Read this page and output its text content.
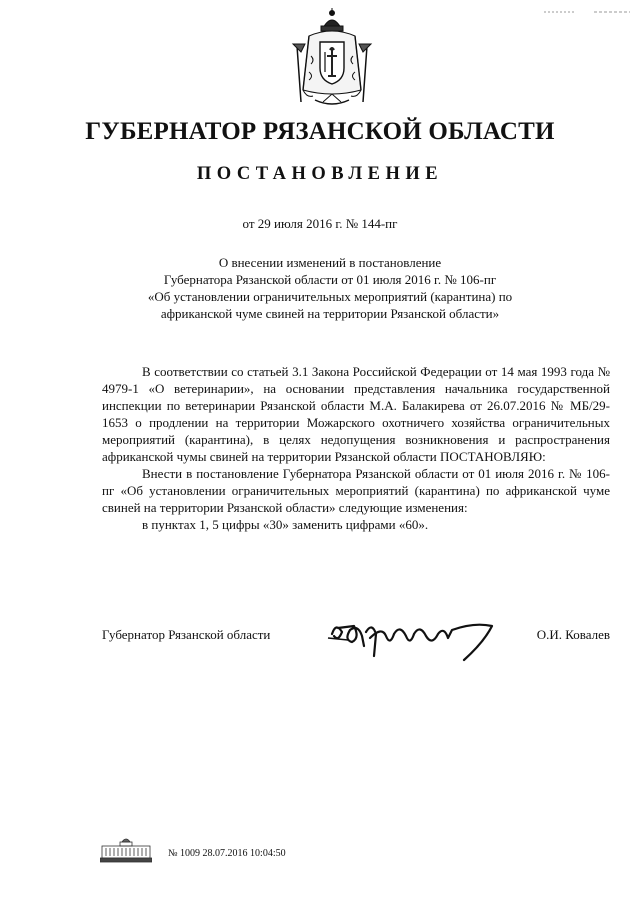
ГУБЕРНАТОР РЯЗАНСКОЙ ОБЛАСТИ
ПОСТАНОВЛЕНИЕ
от 29 июля 2016 г. № 144-пг
О внесении изменений в постановление
Губернатора Рязанской области от 01 июля 2016 г. № 106-пг
«Об установлении ограничительных мероприятий (карантина) по
африканской чуме свиней на территории Рязанской области»

В соответствии со статьей 3.1 Закона Российской Федерации от 14 мая 1993 года № 4979-1 «О ветеринарии», на основании представления начальника государственной инспекции по ветеринарии Рязанской области М.А. Балакирева от 26.07.2016 № МБ/29-1653 о продлении на территории Можарского охотничего хозяйства ограничительных мероприятий (карантина), в целях недопущения возникновения и распространения африканской чумы свиней на территории Рязанской области ПОСТАНОВЛЯЮ:

Внести в постановление Губернатора Рязанской области от 01 июля 2016 г. № 106-пг «Об установлении ограничительных мероприятий (карантина) по африканской чуме свиней на территории Рязанской области» следующие изменения:

в пунктах 1, 5 цифры «30» заменить цифрами «60».

Губернатор Рязанской области	О.И. Ковалев
№ 1009 28.07.2016 10:04:50
